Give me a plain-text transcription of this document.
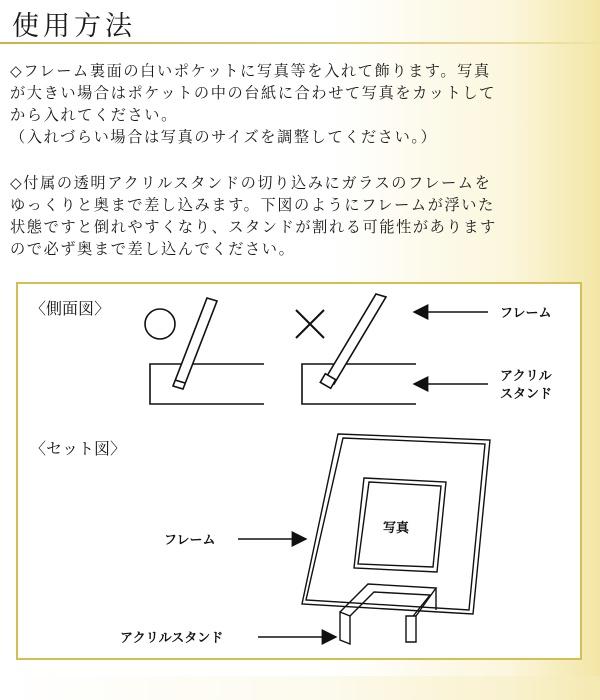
使用方法
◇フレーム裏面の白いポケットに写真等を入れて飾ります。写真
が大きい場合はポケットの中の台紙に合わせて写真をカットして
から入れてください。
（入れづらい場合は写真のサイズを調整してください。）
◇付属の透明アクリルスタンドの切り込みにガラスのフレームを
ゆっくりと奥まで差し込みます。下図のようにフレームが浮いた
状態ですと倒れやすくなり、スタンドが割れる可能性があります
ので必ず奥まで差し込んでください。
〈側面図〉	フレーム
アクリル
スタンド
〈セット図〉
写真
フレーム
アクリルスタンド
